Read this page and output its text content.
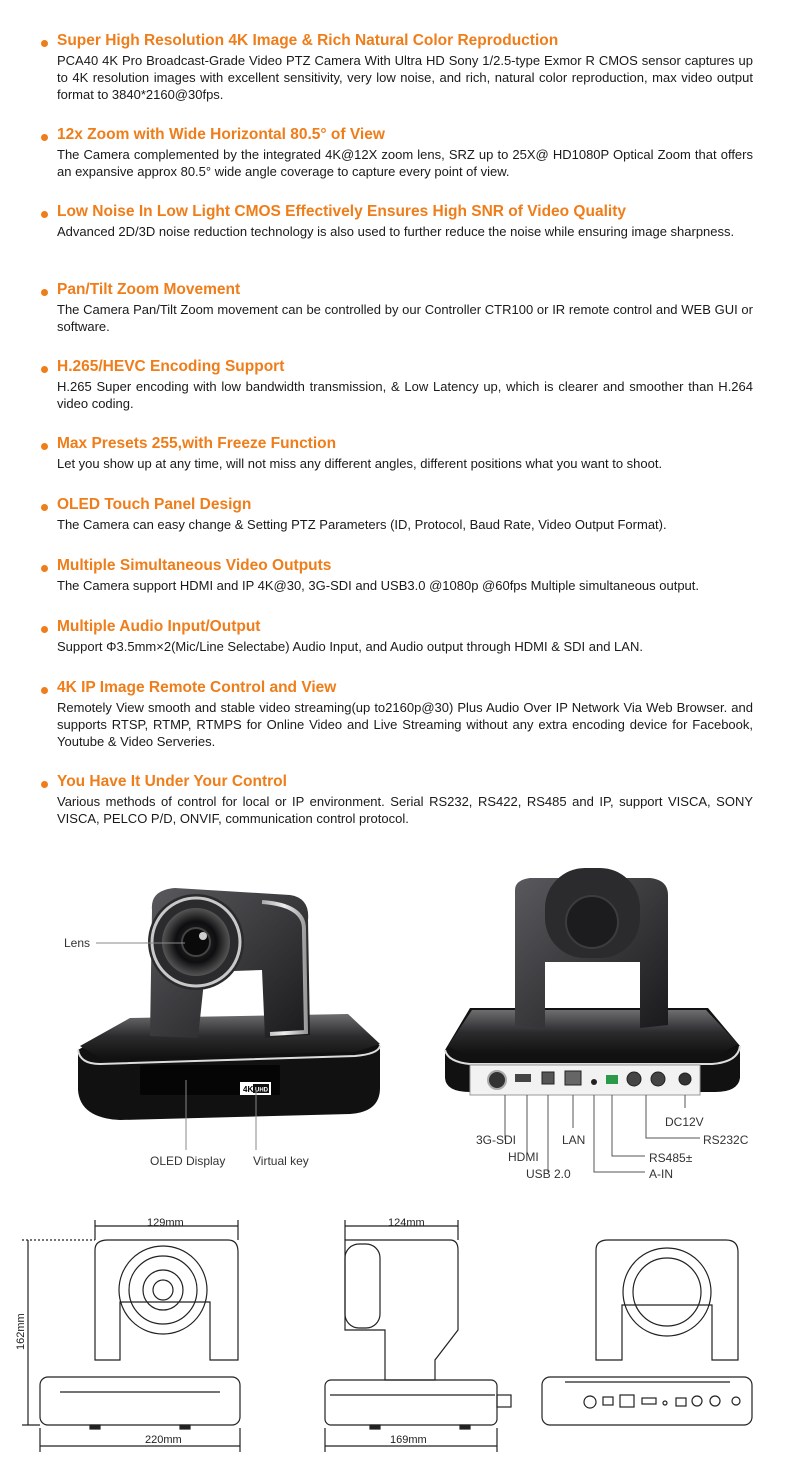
Super High Resolution 4K Image & Rich Natural Color Reproduction
PCA40 4K Pro Broadcast-Grade Video PTZ Camera With Ultra HD Sony 1/2.5-type Exmor R CMOS sensor captures up to 4K resolution images with excellent sensitivity, very low noise, and rich, natural color reproduction, max video output format to 3840*2160@30fps.
12x Zoom with Wide Horizontal 80.5° of View
The Camera complemented by the integrated 4K@12X zoom lens, SRZ up to 25X@ HD1080P Optical Zoom that offers an expansive approx 80.5° wide angle coverage to capture every point of view.
Low Noise In Low Light CMOS Effectively Ensures High SNR of Video Quality
Advanced 2D/3D noise reduction technology is also used to further reduce the noise while ensuring image sharpness.
Pan/Tilt Zoom Movement
The Camera Pan/Tilt Zoom movement can be controlled by our Controller CTR100 or IR remote control and WEB GUI or software.
H.265/HEVC Encoding Support
H.265 Super encoding with low bandwidth transmission, & Low Latency up, which is clearer and smoother than H.264 video coding.
Max Presets 255,with Freeze Function
Let you show up at any time, will not miss any different angles, different positions what you want to shoot.
OLED Touch Panel Design
The Camera can easy change & Setting PTZ Parameters (ID, Protocol, Baud Rate, Video Output Format).
Multiple Simultaneous Video Outputs
The Camera support HDMI and IP 4K@30, 3G-SDI and USB3.0 @1080p @60fps Multiple simultaneous output.
Multiple Audio Input/Output
Support Φ3.5mm×2(Mic/Line Selectabe) Audio Input, and Audio output through HDMI & SDI and LAN.
4K IP Image Remote Control and View
Remotely View smooth and stable video streaming(up to2160p@30) Plus Audio Over IP Network Via Web Browser. and supports RTSP, RTMP, RTMPS for Online Video and Live Streaming without any extra encoding device for Facebook, Youtube & Video Serveries.
You Have It Under Your Control
Various methods of control for local or IP environment. Serial RS232, RS422, RS485 and IP, support VISCA, SONY VISCA, PELCO P/D, ONVIF, communication control protocol.
4K UHD
Lens
OLED Display Virtual key
3G-SDI
HDMI
USB 2.0
LAN
A-IN
RS485±
RS232C
DC12V
129mm	124mm
220mm	169mm
162mm
